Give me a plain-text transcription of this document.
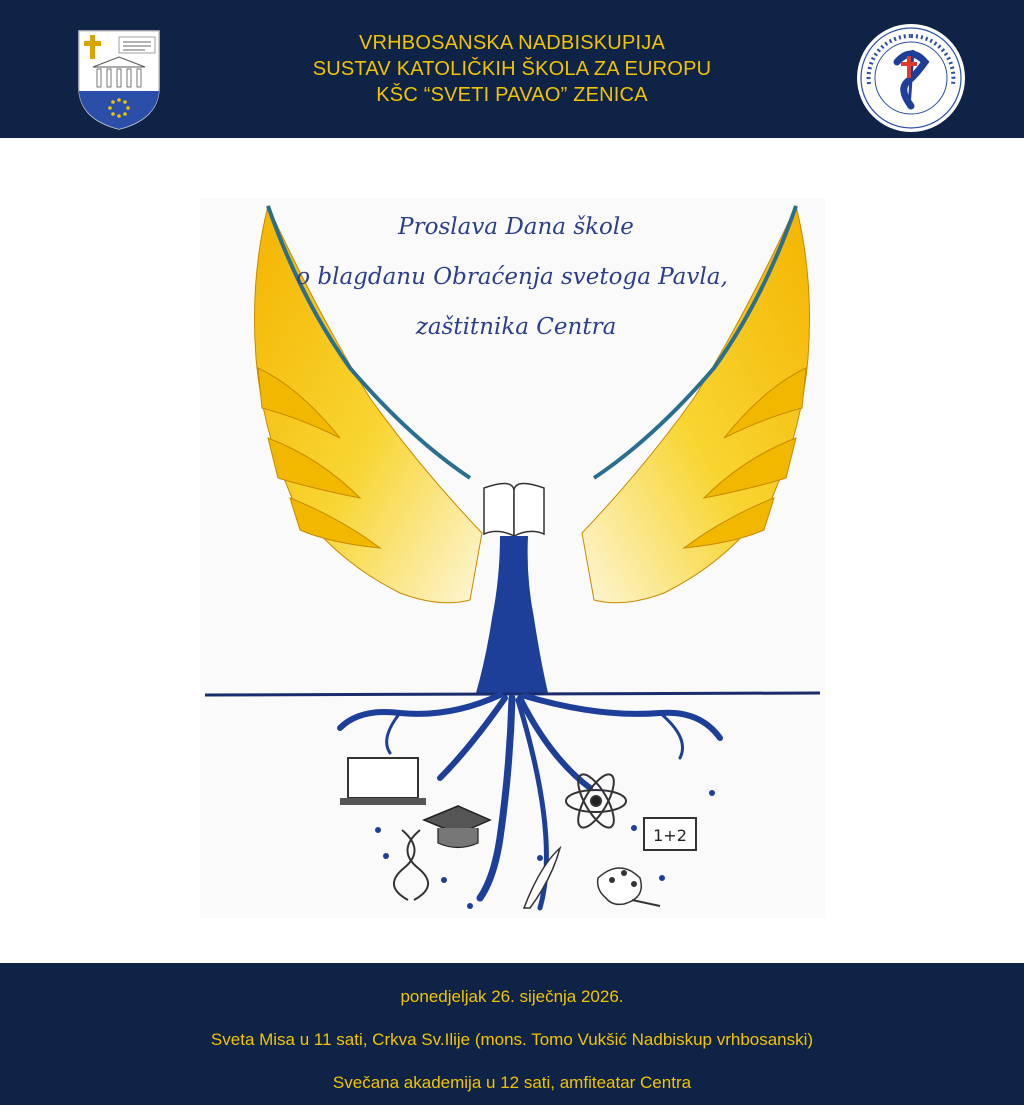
VRHBOSANSKA NADBISKUPIJA
SUSTAV KATOLIČKIH ŠKOLA ZA EUROPU
KŠC “SVETI PAVAO” ZENICA
Proslava Dana škole
o blagdanu Obraćenja svetoga Pavla,
zaštitnika Centra
1+2
ponedjeljak 26. siječnja 2026.
Sveta Misa u 11 sati, Crkva Sv.Ilije (mons. Tomo Vukšić Nadbiskup vrhbosanski)
Svečana akademija u 12 sati, amfiteatar Centra
